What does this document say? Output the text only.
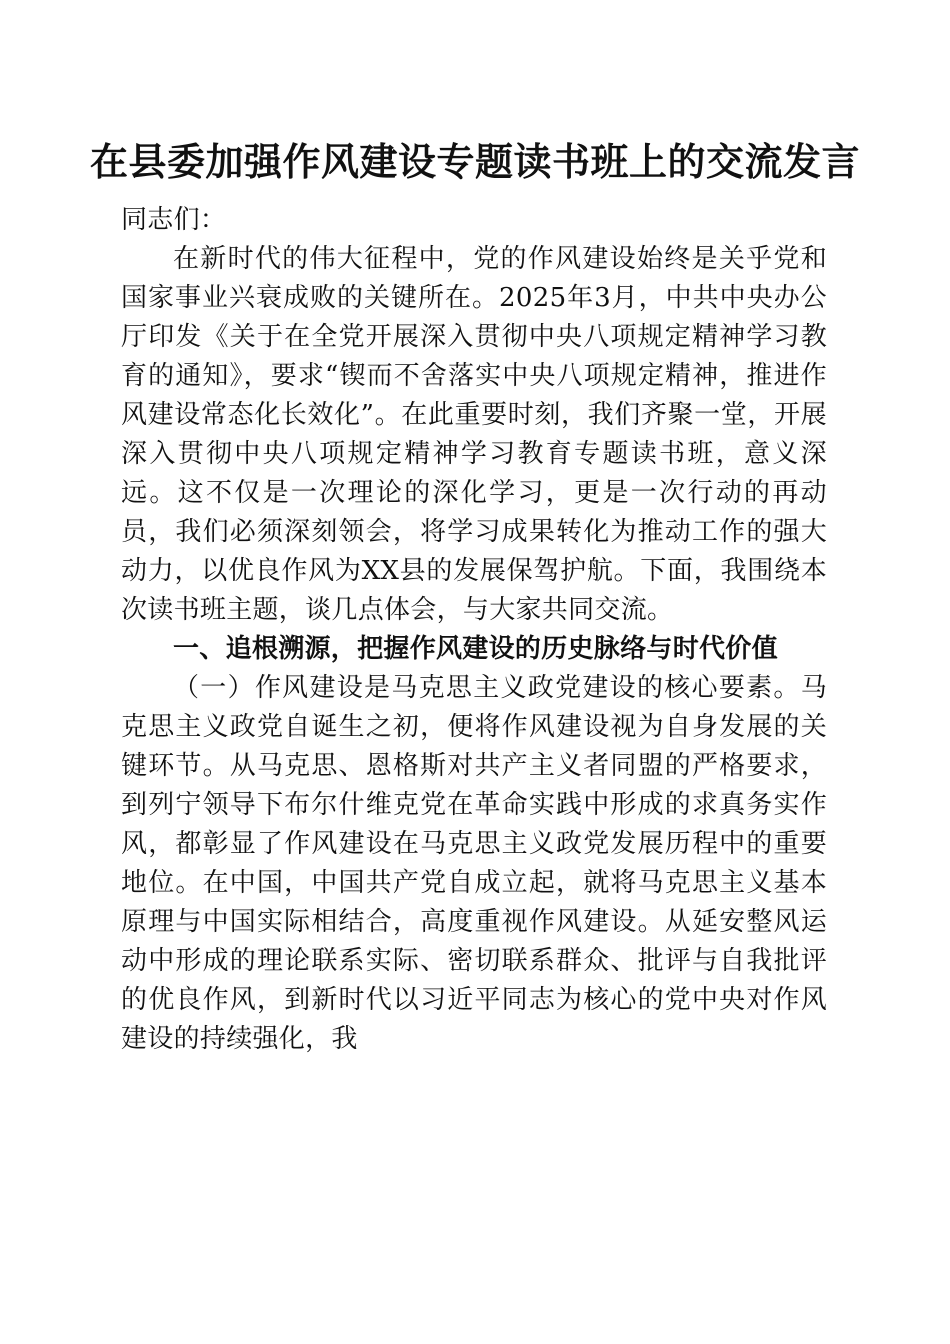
在县委加强作风建设专题读书班上的交流发言

同志们：

在新时代的伟大征程中，党的作风建设始终是关乎党和国家事业兴衰成败的关键所在。2025年3月，中共中央办公厅印发《关于在全党开展深入贯彻中央八项规定精神学习教育的通知》，要求“锲而不舍落实中央八项规定精神，推进作风建设常态化长效化”。在此重要时刻，我们齐聚一堂，开展深入贯彻中央八项规定精神学习教育专题读书班，意义深远。这不仅是一次理论的深化学习，更是一次行动的再动员，我们必须深刻领会，将学习成果转化为推动工作的强大动力，以优良作风为XX县的发展保驾护航。下面，我围绕本次读书班主题，谈几点体会，与大家共同交流。

一、追根溯源，把握作风建设的历史脉络与时代价值

（一）作风建设是马克思主义政党建设的核心要素。马克思主义政党自诞生之初，便将作风建设视为自身发展的关键环节。从马克思、恩格斯对共产主义者同盟的严格要求，到列宁领导下布尔什维克党在革命实践中形成的求真务实作风，都彰显了作风建设在马克思主义政党发展历程中的重要地位。在中国，中国共产党自成立起，就将马克思主义基本原理与中国实际相结合，高度重视作风建设。从延安整风运动中形成的理论联系实际、密切联系群众、批评与自我批评的优良作风，到新时代以习近平同志为核心的党中央对作风建设的持续强化，我
